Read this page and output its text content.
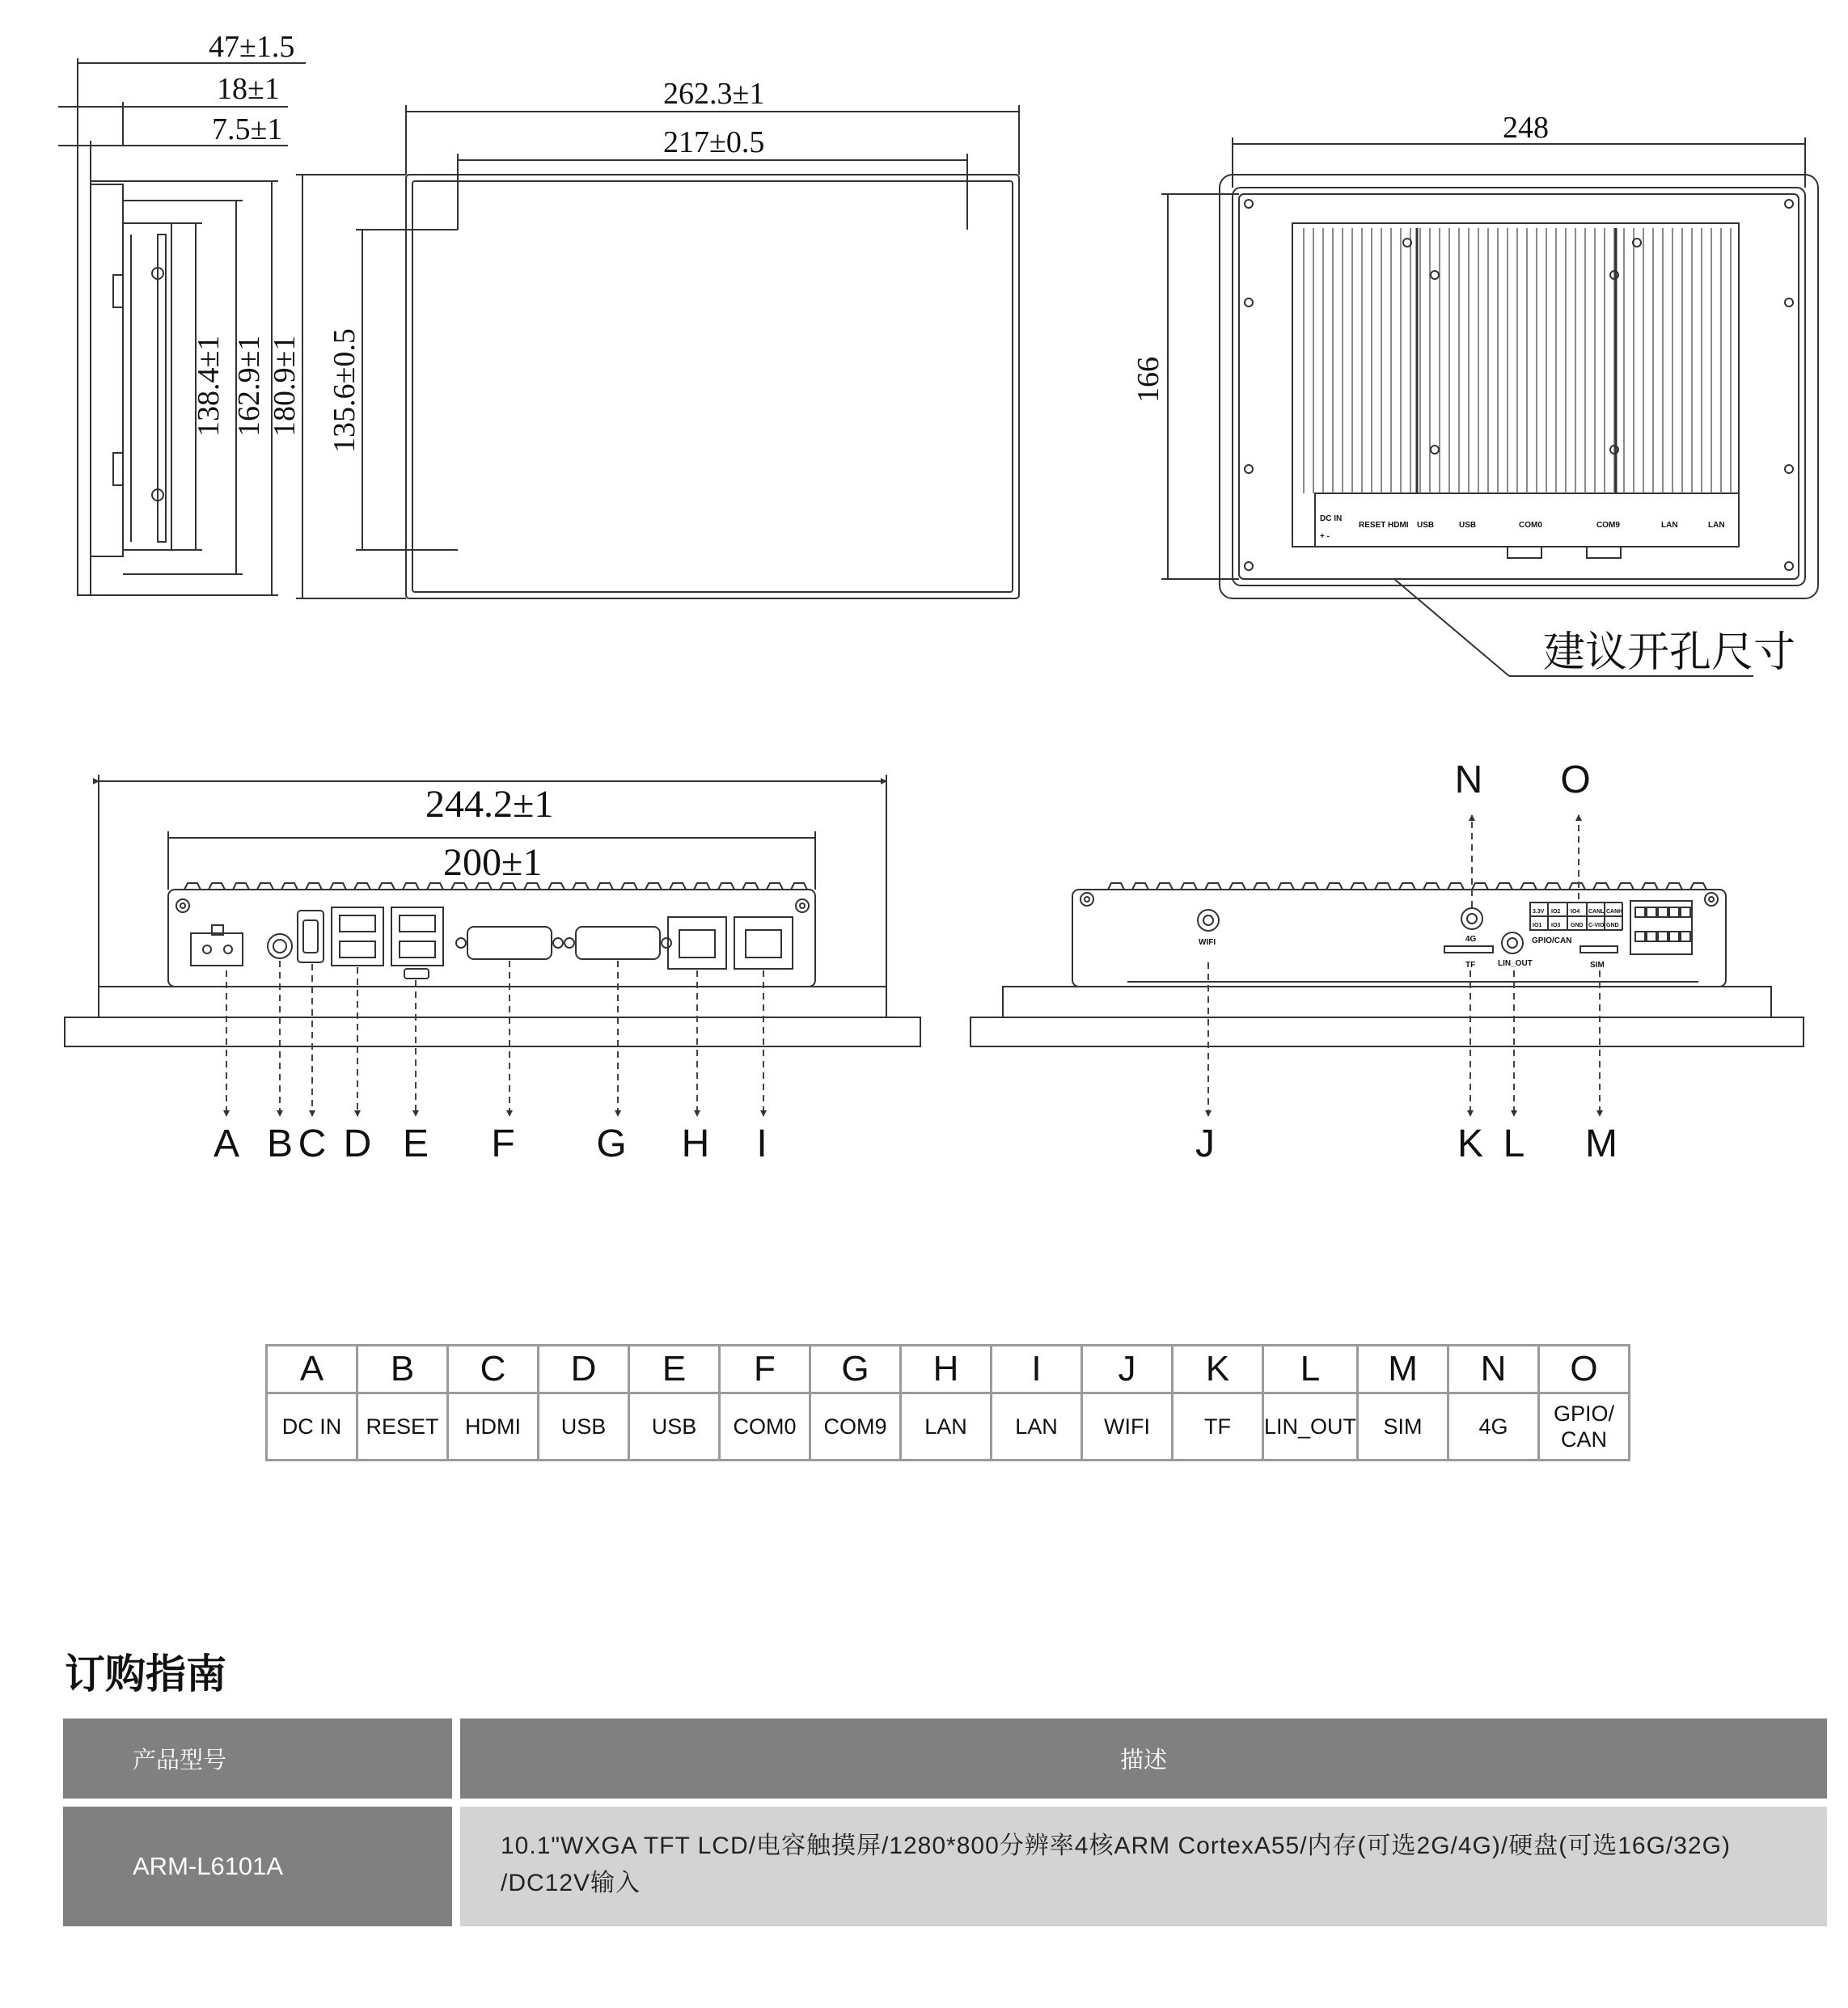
47±1.5
18±1
7.5±1
138.4±1 162.9±1 180.9±1
262.3±1
217±0.5
135.6±0.5
248
166
建议开孔尺寸
DC IN
+ -
RESET HDMI USB	USB	COM0	COM9	LAN	LAN
244.2±1
200±1
A B C D E F G H I
WIFI	4G
TF	LIN_OUT
GPIO/CAN
SIM
3.3V IO2 IO4 CANL CANH
IO1 IO3 GND C-VIO GND
J	K L M
N O
A	B	C	D	E	F	G	H	I	J	K	L	M	N	O
DC IN	RESET	HDMI	USB	USB	COM0	COM9	LAN	LAN	WIFI	TF	LIN_OUT	SIM	4G	GPIO/ CAN
订购指南
产品型号	描述
ARM-L6101A
10.1"WXGA TFT LCD/电容触摸屏/1280*800分辨率4核ARM CortexA55/内存(可选2G/4G)/硬盘(可选16G/32G)
/DC12V输入
